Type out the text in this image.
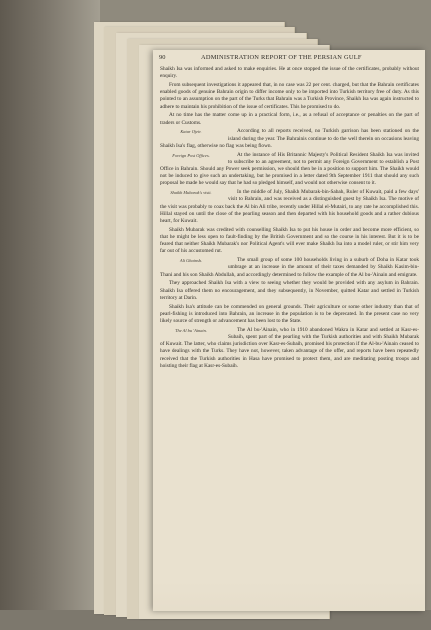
90	ADMINISTRATION REPORT OF THE PERSIAN GULF

Shaikh Isa was informed and asked to make enquiries. He at once stopped the issue of the certificates, probably without enquiry.

From subsequent investigations it appeared that, in no case was 22 per cent. charged, but that the Bahrain certificates enabled goods of genuine Bahrain origin to differ income only to be imported into Turkish territory free of duty. As this pointed to an assumption on the part of the Turks that Bahrain was a Turkish Province, Shaikh Isa was again instructed to adhere to maintain his prohibition of the issue of certificates. This he promised to do.

At no time has the matter come up in a practical form, i.e., as a refusal of acceptance or penalties on the part of traders or Customs.

Katar Ojeir.	According to all reports received, no Turkish garrison has been stationed on the island during the year. The Bahrainis continue to do the well therein on occasions leaving Shaikh Isa's flag, otherwise no flag was being flown.

Foreign Post Offices.	At the instance of His Britannic Majesty's Political Resident Shaikh Isa was invited to subscribe to an agreement, not to permit any Foreign Government to establish a Post Office in Bahrain. Should any Power seek permission, we should then be in a position to support him. The Shaikh would not be induced to give such an undertaking, but he promised in a letter dated 9th September 1911 that should any such proposal be made he would say that he had so pledged himself, and would not otherwise consent to it.

Shaikh Mubarak's visit.	In the middle of July, Shaikh Mubarak-bin-Sabah, Ruler of Kuwait, paid a few days' visit to Bahrain, and was received as a distinguished guest by Shaikh Isa. The motive of the visit was probably to coax back the Al bin Ali tribe, recently under Hillal el-Mutairi, to any rate he accomplished this. Hillal stayed on until the close of the pearling season and then departed with his household goods and a rather dubious heart, for Kuwait.

Shaikh Mubarak was credited with counselling Shaikh Isa to put his house in order and become more efficient, so that he might be less open to fault-finding by the British Government and so the course in his interest. But it is to be feared that neither Shaikh Mubarak's nor Political Agent's will ever make Shaikh Isa into a model ruler, or stir him very far out of his accustomed rut.

Ali Ghainsh.	The small group of some 100 households living in a suburb of Doha in Katar took umbrage at an increase in the amount of their taxes demanded by Shaikh Kasim-bin-Thani and his son Shaikh Abdullah, and accordingly determined to follow the example of the Al bu-'Ainain and emigrate.

They approached Shaikh Isa with a view to seeing whether they would be provided with any asylum in Bahrain. Shaikh Isa offered them no encouragement, and they subsequently, in November, quitted Katar and settled in Turkish territory at Darin.

Shaikh Isa's attitude can be commended on general grounds. Their agriculture or some other industry than that of pearl-fishing is introduced into Bahrain, an increase in the population is to be deprecated. In the present case no very likely source of strength or advancement has been lost to the State.

The Al bu 'Ainain.	The Al bu-'Ainain, who in 1910 abandoned Wakra in Katar and settled at Kasr-es-Subaih, spent part of the pearling with the Turkish authorities and with Shaikh Mubarak of Kuwait. The latter, who claims jurisdiction over Kasr-es-Subaih, promised his protection if the Al-bu-'Ainain ceased to have dealings with the Turks. They have not, however, taken advantage of the offer, and reports have been repeatedly received that the Turkish authorities in Hasa have promised to protect them, and are meditating posting troops and hoisting their flag at Kasr-es-Subaih.
